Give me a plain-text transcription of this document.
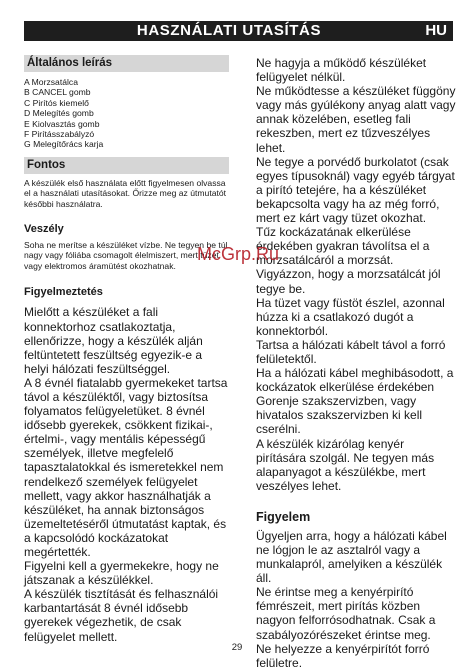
HASZNÁLATI UTASÍTÁS	HU
Általános leírás
A Morzsatálca
B CANCEL gomb
C Pirítós kiemelő
D Melegítés gomb
E Kiolvasztás gomb
F Pirításszabályzó
G Melegítőrács karja
Fontos

A készülék első használata előtt figyelmesen olvassa el a használati utasításokat. Őrizze meg az útmutatót későbbi használatra.

Veszély

Soha ne merítse a készüléket vízbe. Ne tegyen be túl nagy vagy fóliába csomagolt élelmiszert, mert tüzet vagy elektromos áramütést okozhatnak.

Figyelmeztetés

Mielőtt a készüléket a fali konnektorhoz csatlakoztatja, ellenőrizze, hogy a készülék alján feltüntetett feszültség egyezik-e a helyi hálózati feszültséggel.
A 8 évnél fiatalabb gyermekeket tartsa távol a készüléktől, vagy biztosítsa folyamatos felügyeletüket. 8 évnél idősebb gyerekek, csökkent fizikai-, értelmi-, vagy mentális képességű személyek, illetve megfelelő tapasztalatokkal és ismeretekkel nem rendelkező személyek felügyelet mellett, vagy akkor használhatják a készüléket, ha annak biztonságos üzemeltetéséről útmutatást kaptak, és a kapcsolódó kockázatokat megértették.
Figyelni kell a gyermekekre, hogy ne játszanak a készülékkel.
A készülék tisztítását és felhasználói karbantartását 8 évnél idősebb gyerekek végezhetik, de csak felügyelet mellett.

Ne hagyja a működő készüléket felügyelet nélkül.
Ne működtesse a készüléket függöny vagy más gyúlékony anyag alatt vagy annak közelében, esetleg fali rekeszben, mert ez tűzveszélyes lehet.
Ne tegye a porvédő burkolatot (csak egyes típusoknál) vagy egyéb tárgyat a pirító tetejére, ha a készüléket bekapcsolta vagy ha az még forró, mert ez kárt vagy tüzet okozhat.
Tűz kockázatának elkerülése érdekében gyakran távolítsa el a morzsatálcáról a morzsát.
Vigyázzon, hogy a morzsatálcát jól tegye be.
Ha tüzet vagy füstöt észlel, azonnal húzza ki a csatlakozó dugót a konnektorból.
Tartsa a hálózati kábelt távol a forró felületektől.
Ha a hálózati kábel meghibásodott, a kockázatok elkerülése érdekében Gorenje szakszervizben, vagy hivatalos szakszervizben ki kell cserélni.
A készülék kizárólag kenyér pirítására szolgál. Ne tegyen más alapanyagot a készülékbe, mert
veszélyes lehet.

Figyelem

Ügyeljen arra, hogy a hálózati kábel ne lógjon le az asztalról vagy a munkalapról, amelyiken a készülék áll.
Ne érintse meg a kenyérpirító fémrészeit, mert pirítás közben nagyon felforrósodhatnak. Csak a szabályozórészeket érintse meg.
Ne helyezze a kenyérpirítót forró felületre.

McGrp.Ru
29
